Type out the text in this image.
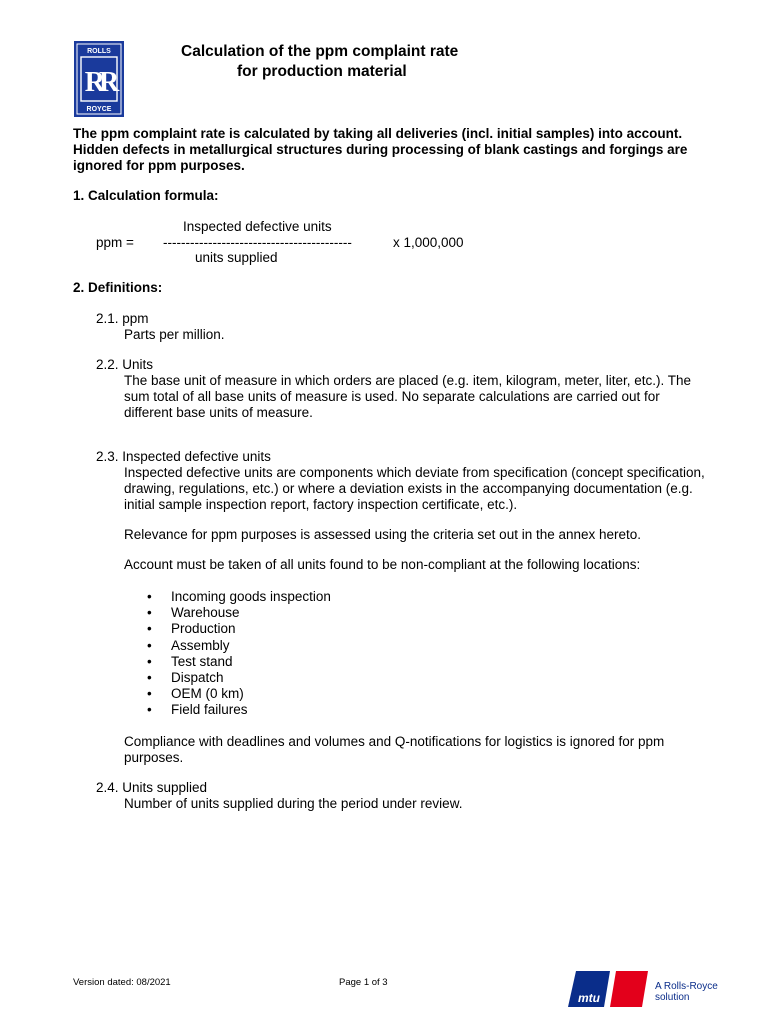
ROLLS
RR
ROYCE
Calculation of the ppm complaint rate
for production material
The ppm complaint rate is calculated by taking all deliveries (incl. initial samples) into account.
Hidden defects in metallurgical structures during processing of blank castings and forgings are
ignored for ppm purposes.
1. Calculation formula:
Inspected defective units
ppm = ------------------------------------------	x 1,000,000
units supplied
2. Definitions:
2.1. ppm
Parts per million.
2.2. Units
The base unit of measure in which orders are placed (e.g. item, kilogram, meter, liter, etc.). The
sum total of all base units of measure is used. No separate calculations are carried out for
different base units of measure.
2.3. Inspected defective units
Inspected defective units are components which deviate from specification (concept specification,
drawing, regulations, etc.) or where a deviation exists in the accompanying documentation (e.g.
initial sample inspection report, factory inspection certificate, etc.).
Relevance for ppm purposes is assessed using the criteria set out in the annex hereto.
Account must be taken of all units found to be non-compliant at the following locations:
• Incoming goods inspection
• Warehouse
• Production
• Assembly
• Test stand
• Dispatch
• OEM (0 km)
• Field failures
Compliance with deadlines and volumes and Q-notifications for logistics is ignored for ppm
purposes.
2.4. Units supplied
Number of units supplied during the period under review.
Version dated: 08/2021	Page 1 of 3
mtu
A Rolls-Royce
solution
